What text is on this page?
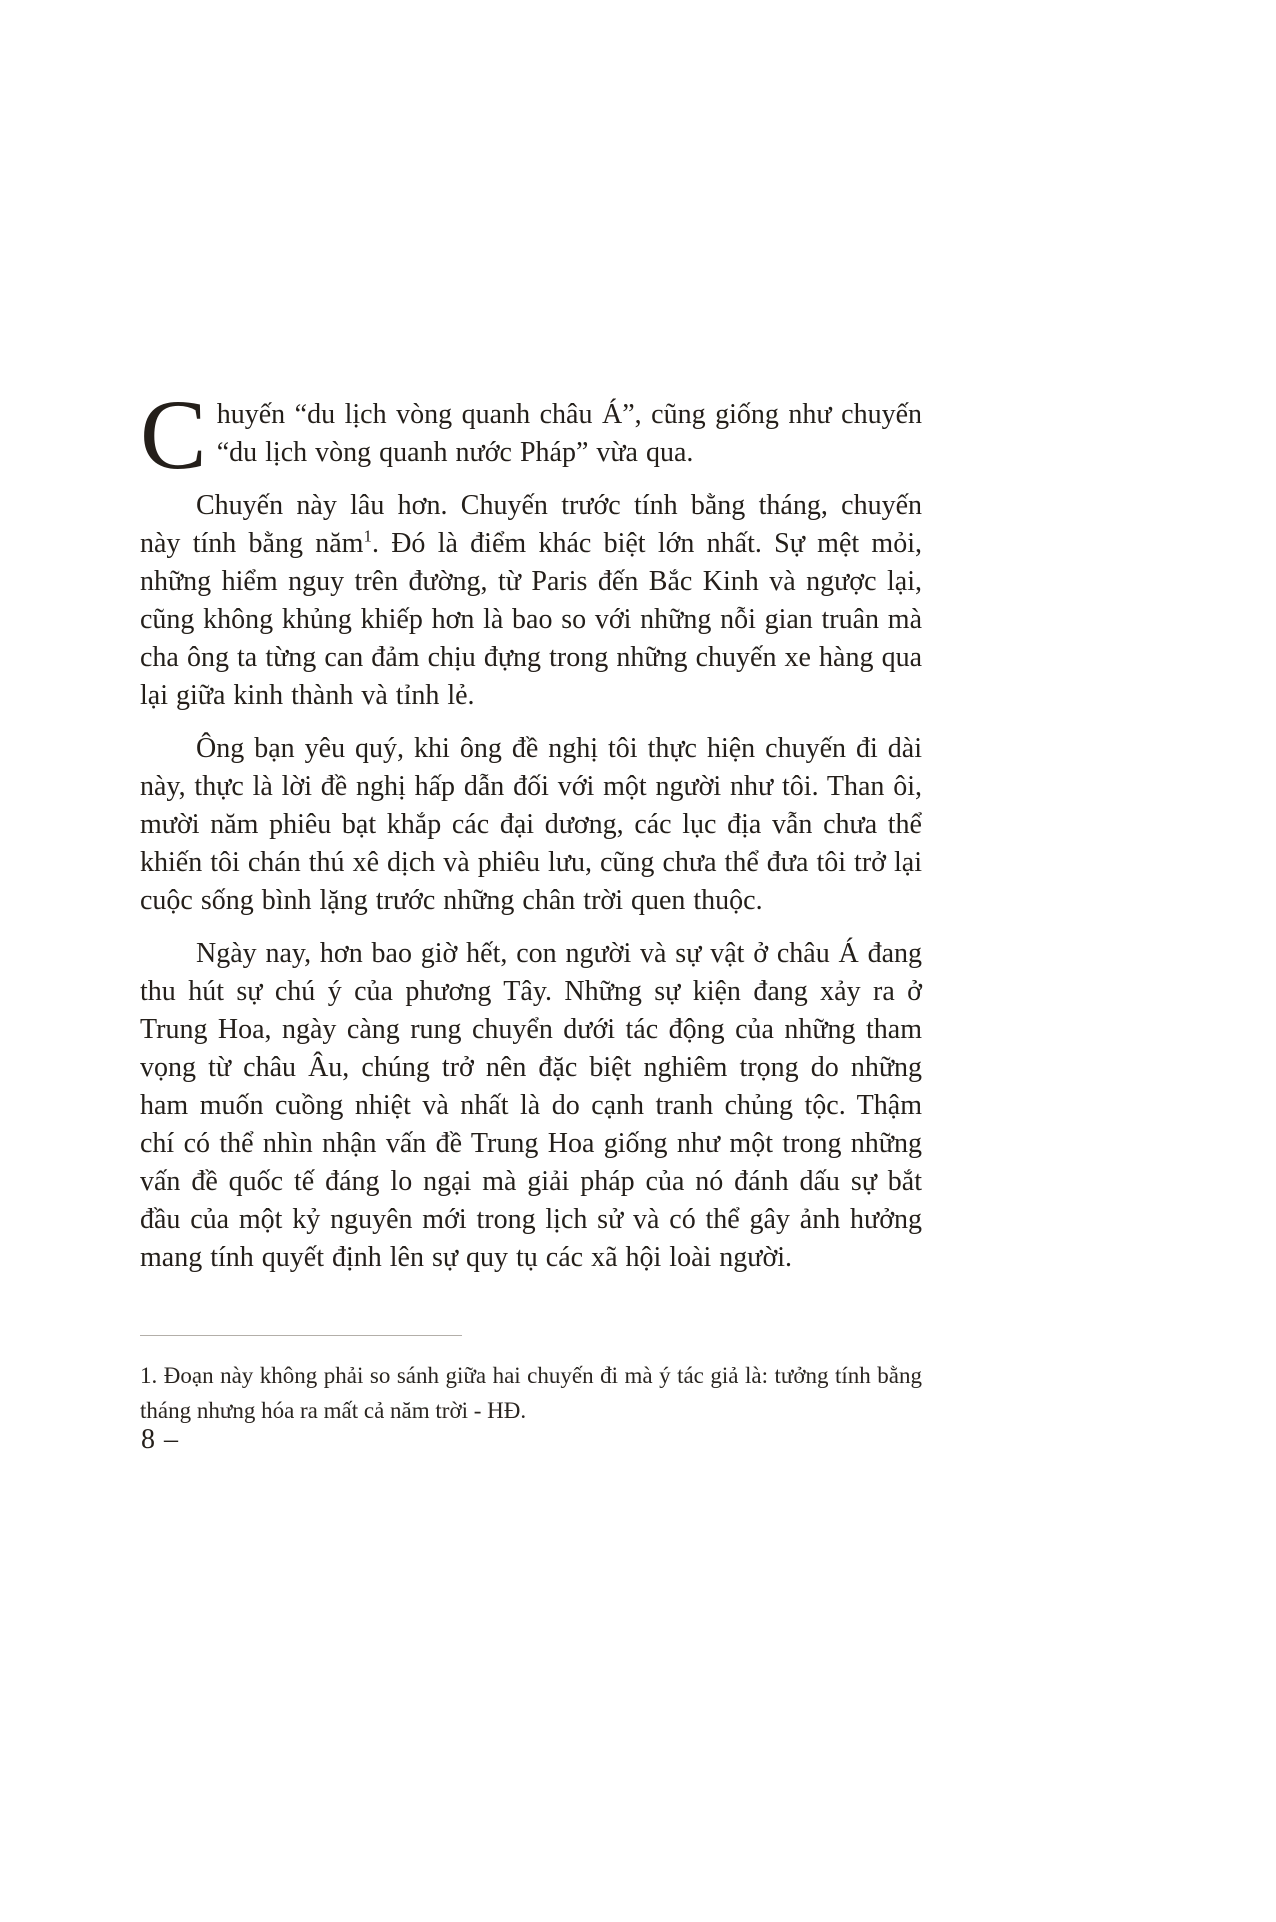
Chuyến “du lịch vòng quanh châu Á”, cũng giống như chuyến “du lịch vòng quanh nước Pháp” vừa qua.

Chuyến này lâu hơn. Chuyến trước tính bằng tháng, chuyến này tính bằng năm$^1$. Đó là điểm khác biệt lớn nhất. Sự mệt mỏi, những hiểm nguy trên đường, từ Paris đến Bắc Kinh và ngược lại, cũng không khủng khiếp hơn là bao so với những nỗi gian truân mà cha ông ta từng can đảm chịu đựng trong những chuyến xe hàng qua lại giữa kinh thành và tỉnh lẻ.

Ông bạn yêu quý, khi ông đề nghị tôi thực hiện chuyến đi dài này, thực là lời đề nghị hấp dẫn đối với một người như tôi. Than ôi, mười năm phiêu bạt khắp các đại dương, các lục địa vẫn chưa thể khiến tôi chán thú xê dịch và phiêu lưu, cũng chưa thể đưa tôi trở lại cuộc sống bình lặng trước những chân trời quen thuộc.

Ngày nay, hơn bao giờ hết, con người và sự vật ở châu Á đang thu hút sự chú ý của phương Tây. Những sự kiện đang xảy ra ở Trung Hoa, ngày càng rung chuyển dưới tác động của những tham vọng từ châu Âu, chúng trở nên đặc biệt nghiêm trọng do những ham muốn cuồng nhiệt và nhất là do cạnh tranh chủng tộc. Thậm chí có thể nhìn nhận vấn đề Trung Hoa giống như một trong những vấn đề quốc tế đáng lo ngại mà giải pháp của nó đánh dấu sự bắt đầu của một kỷ nguyên mới trong lịch sử và có thể gây ảnh hưởng mang tính quyết định lên sự quy tụ các xã hội loài người.

1. Đoạn này không phải so sánh giữa hai chuyến đi mà ý tác giả là: tưởng tính bằng tháng nhưng hóa ra mất cả năm trời - HĐ.

8 –
